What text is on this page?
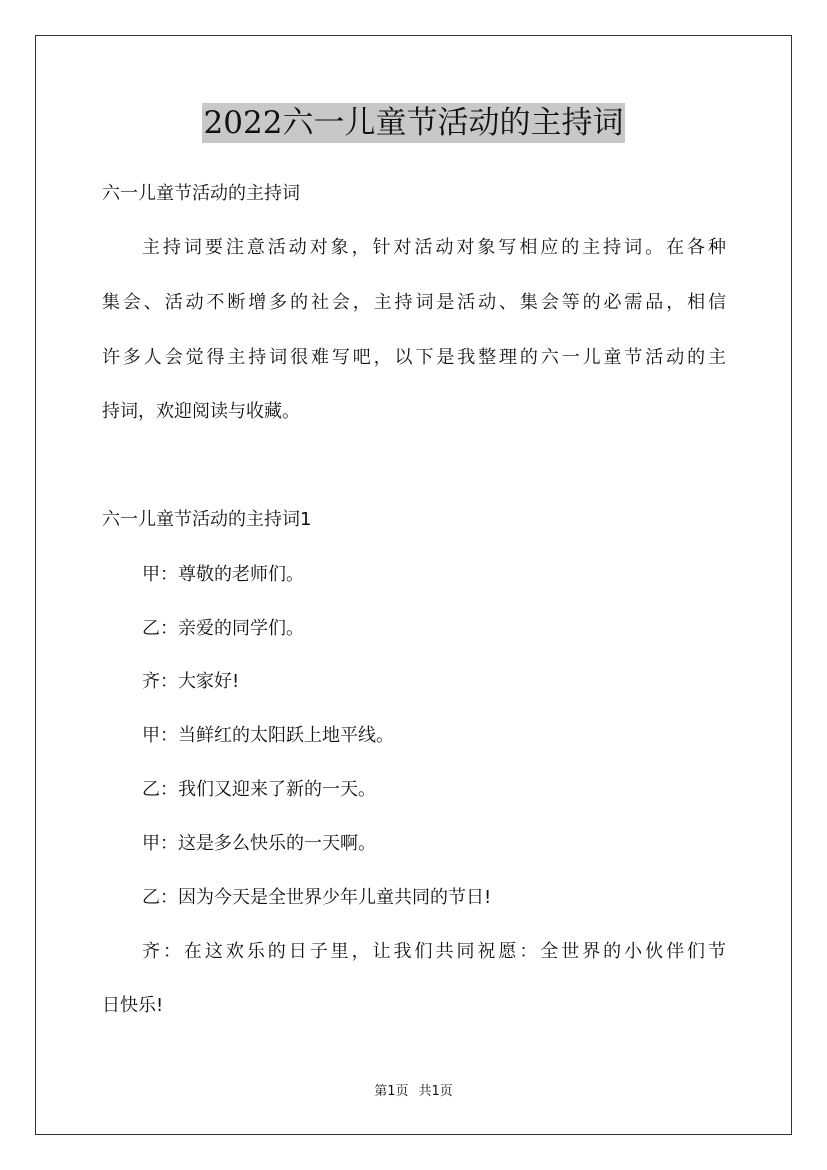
2022六一儿童节活动的主持词
六一儿童节活动的主持词
主持词要注意活动对象，针对活动对象写相应的主持词。在各种
集会、活动不断增多的社会，主持词是活动、集会等的必需品，相信
许多人会觉得主持词很难写吧，以下是我整理的六一儿童节活动的主
持词，欢迎阅读与收藏。
六一儿童节活动的主持词1
甲：尊敬的老师们。
乙：亲爱的同学们。
齐：大家好!
甲：当鲜红的太阳跃上地平线。
乙：我们又迎来了新的一天。
甲：这是多么快乐的一天啊。
乙：因为今天是全世界少年儿童共同的节日!
齐：在这欢乐的日子里，让我们共同祝愿：全世界的小伙伴们节
日快乐!
第1页 共1页
